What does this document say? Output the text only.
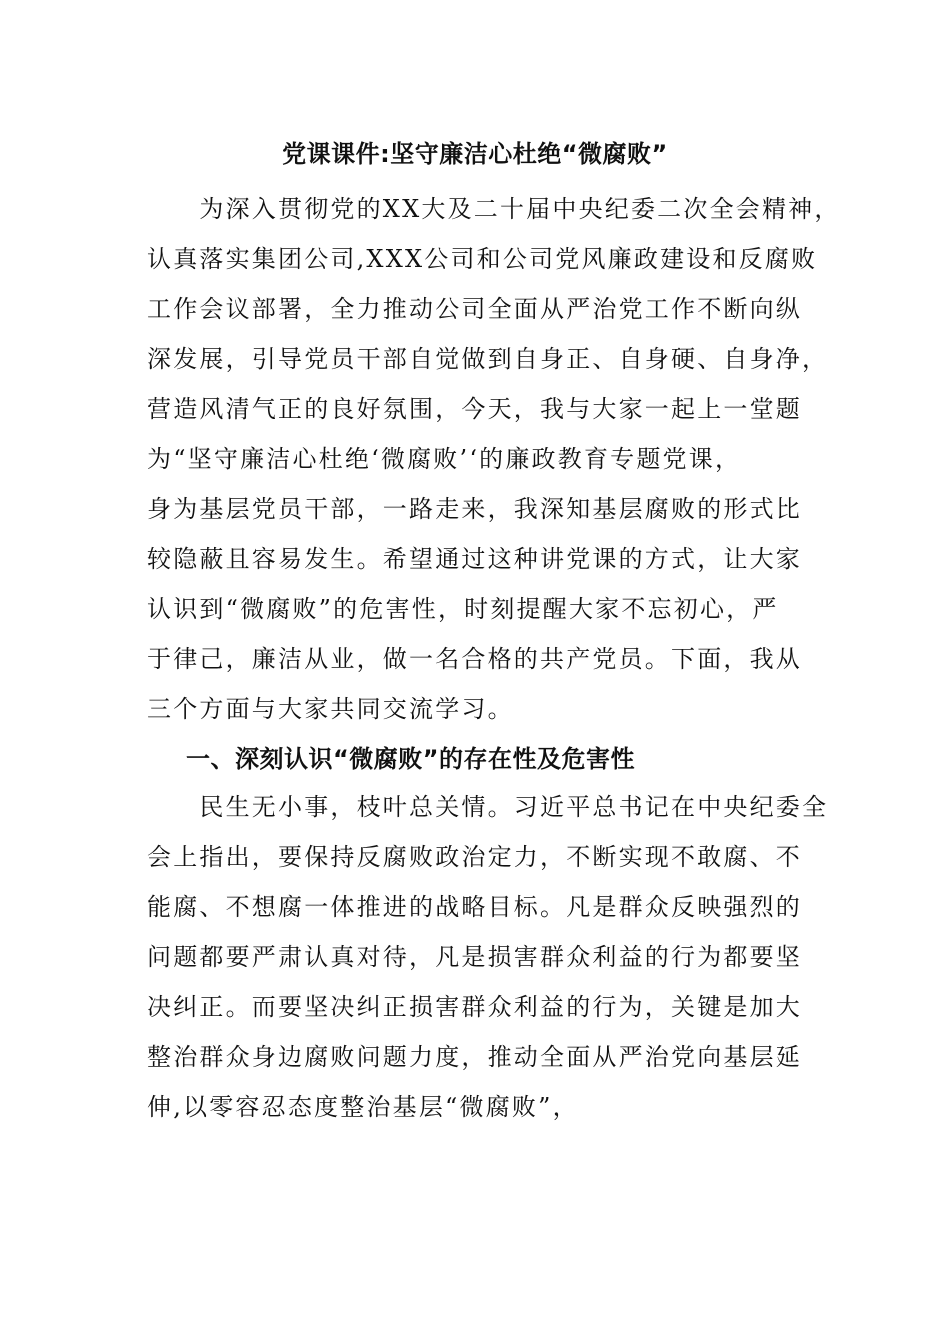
党课课件:坚守廉洁心杜绝“微腐败”
　　为深入贯彻党的XX大及二十届中央纪委二次全会精神，
认真落实集团公司,XXX公司和公司党风廉政建设和反腐败
工作会议部署，全力推动公司全面从严治党工作不断向纵
深发展，引导党员干部自觉做到自身正、自身硬、自身净，
营造风清气正的良好氛围，今天，我与大家一起上一堂题
为“坚守廉洁心杜绝‘微腐败’‘的廉政教育专题党课，
身为基层党员干部，一路走来，我深知基层腐败的形式比
较隐蔽且容易发生。希望通过这种讲党课的方式，让大家
认识到“微腐败”的危害性，时刻提醒大家不忘初心，严
于律己，廉洁从业，做一名合格的共产党员。下面，我从
三个方面与大家共同交流学习。
一、深刻认识“微腐败”的存在性及危害性
　　民生无小事，枝叶总关情。习近平总书记在中央纪委全
会上指出，要保持反腐败政治定力，不断实现不敢腐、不
能腐、不想腐一体推进的战略目标。凡是群众反映强烈的
问题都要严肃认真对待，凡是损害群众利益的行为都要坚
决纠正。而要坚决纠正损害群众利益的行为，关键是加大
整治群众身边腐败问题力度，推动全面从严治党向基层延
伸,以零容忍态度整治基层“微腐败”，
